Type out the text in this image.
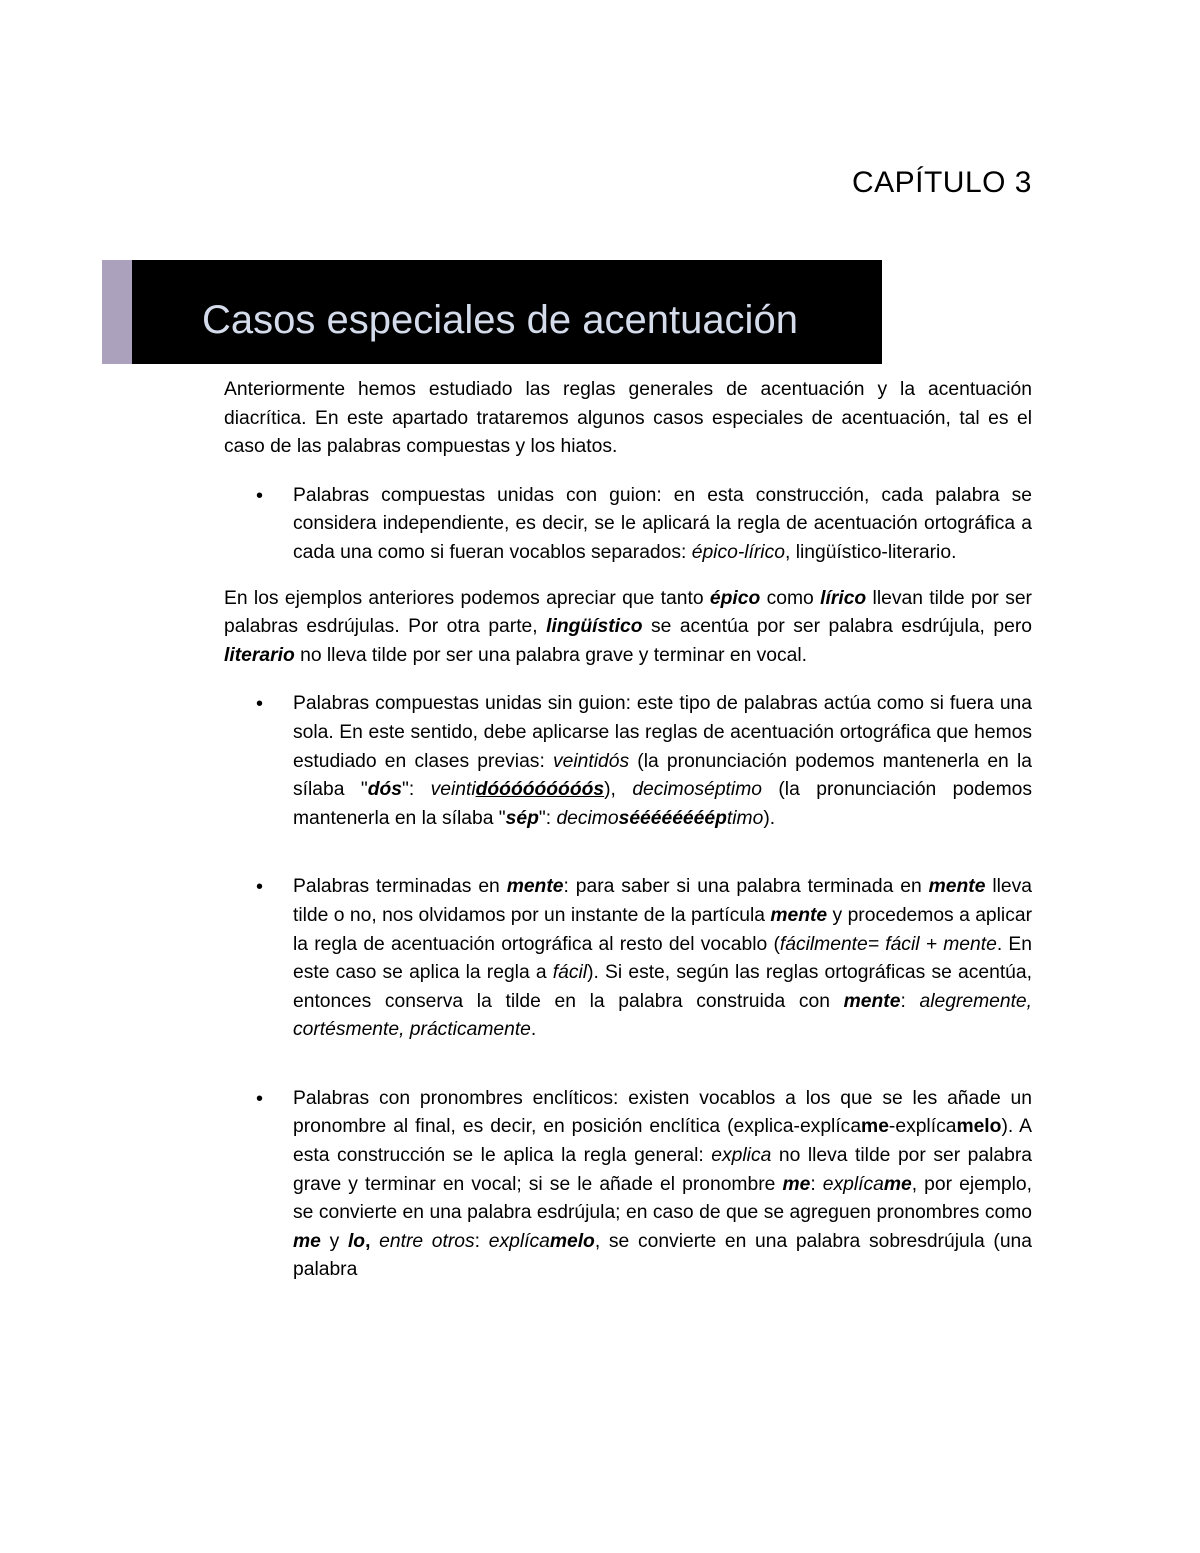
CAPÍTULO 3
Casos especiales de acentuación

Anteriormente hemos estudiado las reglas generales de acentuación y la acentuación diacrítica. En este apartado trataremos algunos casos especiales de acentuación, tal es el caso de las palabras compuestas y los hiatos.

• Palabras compuestas unidas con guion: en esta construcción, cada palabra se considera independiente, es decir, se le aplicará la regla de acentuación ortográfica a cada una como si fueran vocablos separados: épico-lírico, lingüístico-literario.

En los ejemplos anteriores podemos apreciar que tanto épico como lírico llevan tilde por ser palabras esdrújulas. Por otra parte, lingüístico se acentúa por ser palabra esdrújula, pero literario no lleva tilde por ser una palabra grave y terminar en vocal.

• Palabras compuestas unidas sin guion: este tipo de palabras actúa como si fuera una sola. En este sentido, debe aplicarse las reglas de acentuación ortográfica que hemos estudiado en clases previas: veintidós (la pronunciación podemos mantenerla en la sílaba "dós": veintidóóóóóóóóós), decimoséptimo (la pronunciación podemos mantenerla en la sílaba "sép": decimosééééééééptimo).
• Palabras terminadas en mente: para saber si una palabra terminada en mente lleva tilde o no, nos olvidamos por un instante de la partícula mente y procedemos a aplicar la regla de acentuación ortográfica al resto del vocablo (fácilmente= fácil + mente. En este caso se aplica la regla a fácil). Si este, según las reglas ortográficas se acentúa, entonces conserva la tilde en la palabra construida con mente: alegremente, cortésmente, prácticamente.
• Palabras con pronombres enclíticos: existen vocablos a los que se les añade un pronombre al final, es decir, en posición enclítica (explica-explícame-explícamelo). A esta construcción se le aplica la regla general: explica no lleva tilde por ser palabra grave y terminar en vocal; si se le añade el pronombre me: explícame, por ejemplo, se convierte en una palabra esdrújula; en caso de que se agreguen pronombres como me y lo, entre otros: explícamelo, se convierte en una palabra sobresdrújula (una palabra
